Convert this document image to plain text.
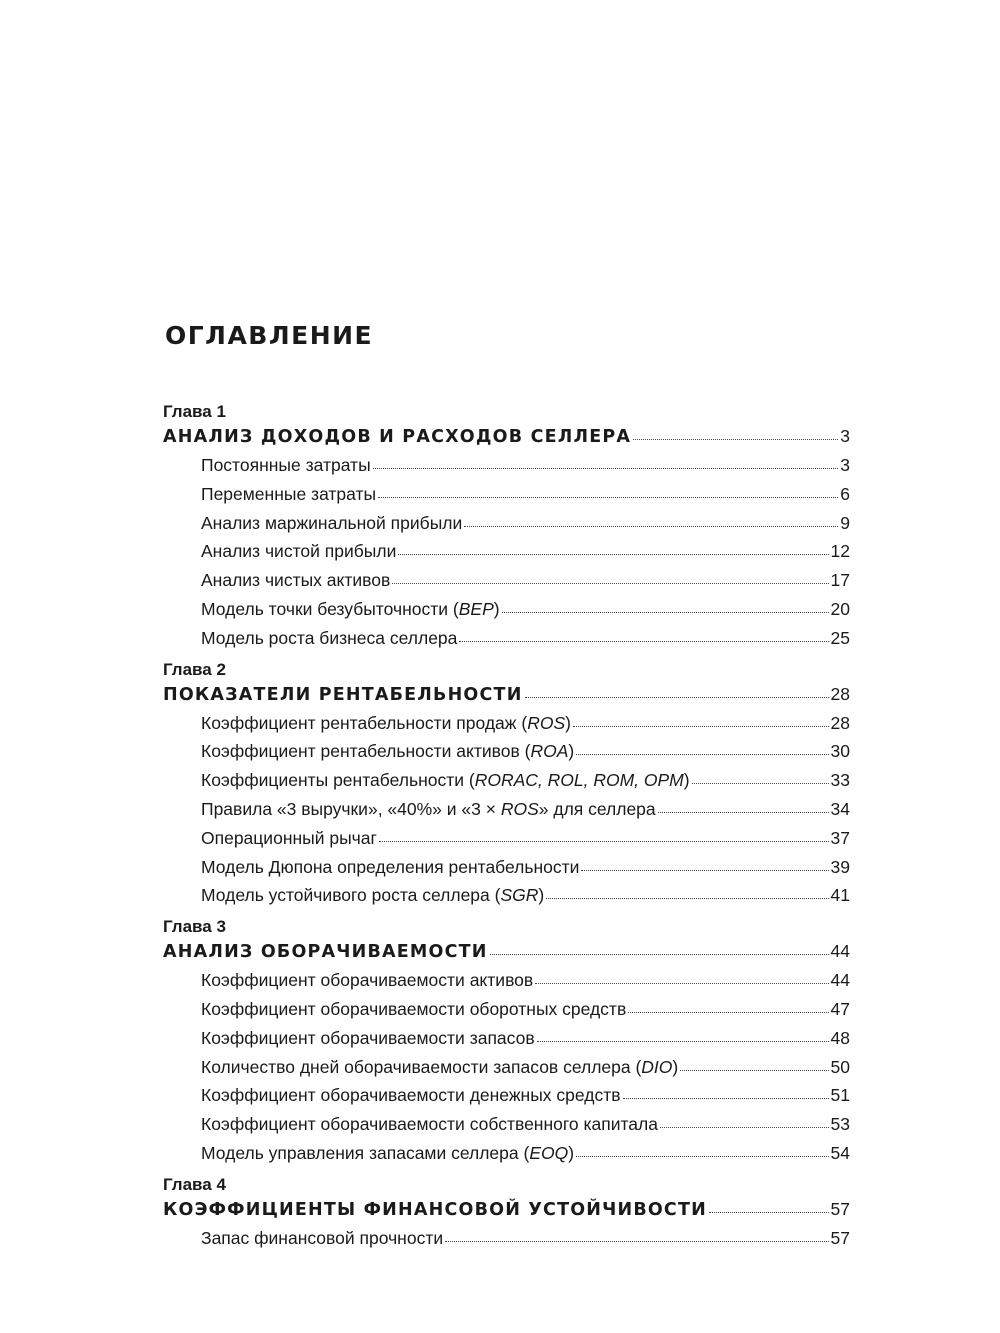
ОГЛАВЛЕНИЕ
Глава 1
АНАЛИЗ ДОХОДОВ И РАСХОДОВ СЕЛЛЕРА	3
Постоянные затраты	3
Переменные затраты	6
Анализ маржинальной прибыли	9
Анализ чистой прибыли	12
Анализ чистых активов	17
Модель точки безубыточности (BEP)	20
Модель роста бизнеса селлера	25
Глава 2
ПОКАЗАТЕЛИ РЕНТАБЕЛЬНОСТИ	28
Коэффициент рентабельности продаж (ROS)	28
Коэффициент рентабельности активов (ROA)	30
Коэффициенты рентабельности (RORAC, ROL, ROM, OPM)	33
Правила «3 выручки», «40%» и «3 × ROS» для селлера	34
Операционный рычаг	37
Модель Дюпона определения рентабельности	39
Модель устойчивого роста селлера (SGR)	41
Глава 3
АНАЛИЗ ОБОРАЧИВАЕМОСТИ	44
Коэффициент оборачиваемости активов	44
Коэффициент оборачиваемости оборотных средств	47
Коэффициент оборачиваемости запасов	48
Количество дней оборачиваемости запасов селлера (DIO)	50
Коэффициент оборачиваемости денежных средств	51
Коэффициент оборачиваемости собственного капитала	53
Модель управления запасами селлера (EOQ)	54
Глава 4
КОЭФФИЦИЕНТЫ ФИНАНСОВОЙ УСТОЙЧИВОСТИ	57
Запас финансовой прочности	57
